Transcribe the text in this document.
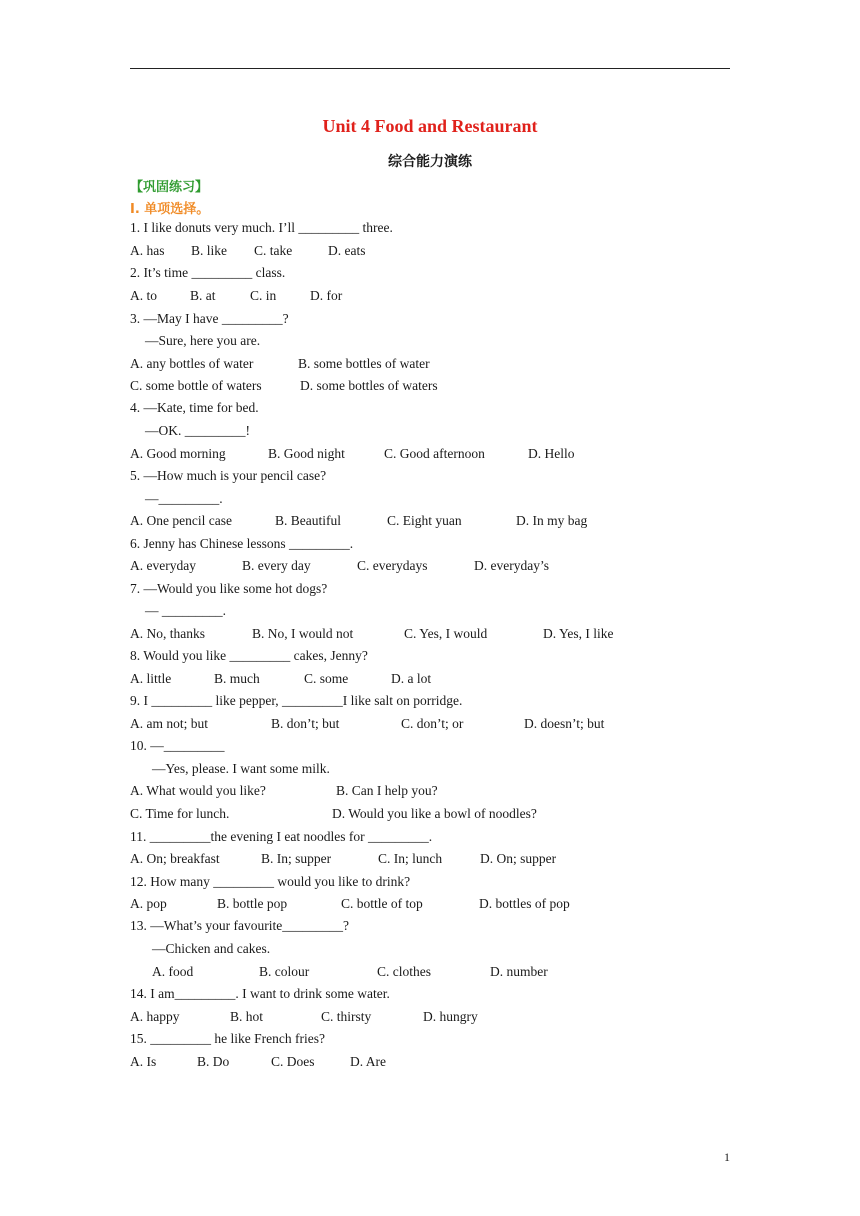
Unit 4 Food and Restaurant
综合能力演练
【巩固练习】
I. 单项选择。
1. I like donuts very much. I’ll _________ three.
A. has B. like C. take	D. eats
2. It’s time _________ class.
A. to B. at	C. in D. for
3. —May I have _________?
—Sure, here you are.
A. any bottles of water	B. some bottles of water
C. some bottle of waters	D. some bottles of waters
4. —Kate, time for bed.
—OK. _________!
A. Good morning	B. Good night	C. Good afternoon	D. Hello
5. —How much is your pencil case?
—_________.
A. One pencil case	B. Beautiful	C. Eight yuan	D. In my bag
6. Jenny has Chinese lessons _________.
A. everyday	B. every day	C. everydays	D. everyday’s
7. —Would you like some hot dogs?
— _________.
A. No, thanks	B. No, I would not	C. Yes, I would	D. Yes, I like
8. Would you like _________ cakes, Jenny?
A. little	B. much	C. some	D. a lot
9. I _________ like pepper, _________I like salt on porridge.
A. am not; but	B. don’t; but	C. don’t; or	D. doesn’t; but
10. —_________
—Yes, please. I want some milk.
A. What would you like?	B. Can I help you?
C. Time for lunch.	D. Would you like a bowl of noodles?
11. _________the evening I eat noodles for _________.
A. On; breakfast	B. In; supper	C. In; lunch	D. On; supper
12. How many _________ would you like to drink?
A. pop	B. bottle pop	C. bottle of top	D. bottles of pop
13. —What’s your favourite_________?
—Chicken and cakes.
A. food	B. colour	C. clothes	D. number
14. I am_________. I want to drink some water.
A. happy	B. hot	C. thirsty	D. hungry
15. _________ he like French fries?
A. Is	B. Do	C. Does	D. Are
1
